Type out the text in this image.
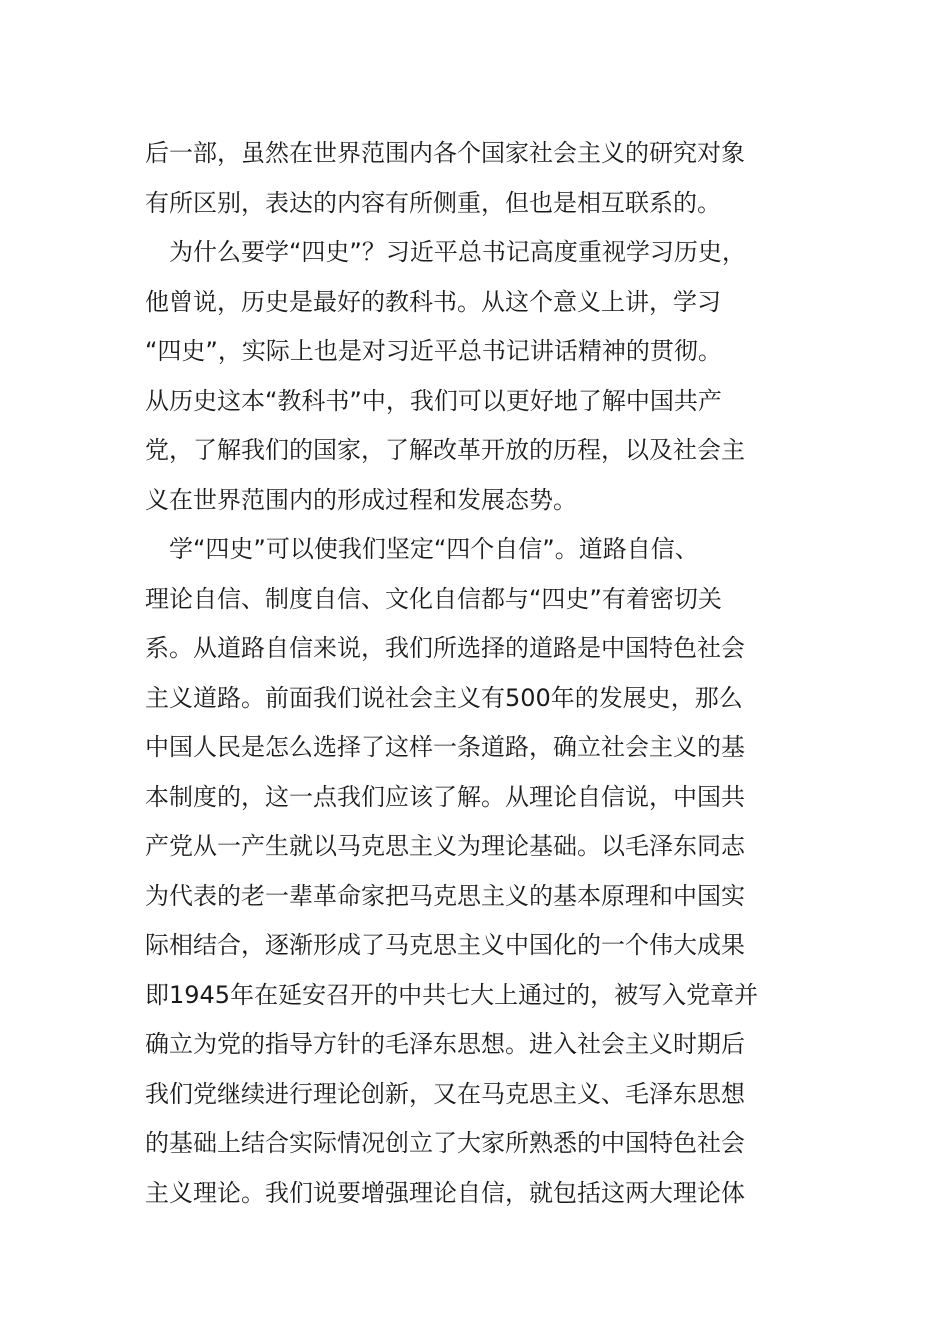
后一部，虽然在世界范围内各个国家社会主义的研究对象
有所区别，表达的内容有所侧重，但也是相互联系的。
　为什么要学“四史”？习近平总书记高度重视学习历史，
他曾说，历史是最好的教科书。从这个意义上讲，学习
“四史”，实际上也是对习近平总书记讲话精神的贯彻。
从历史这本“教科书”中，我们可以更好地了解中国共产
党，了解我们的国家，了解改革开放的历程，以及社会主
义在世界范围内的形成过程和发展态势。
　学“四史”可以使我们坚定“四个自信”。道路自信、
理论自信、制度自信、文化自信都与“四史”有着密切关
系。从道路自信来说，我们所选择的道路是中国特色社会
主义道路。前面我们说社会主义有500年的发展史，那么
中国人民是怎么选择了这样一条道路，确立社会主义的基
本制度的，这一点我们应该了解。从理论自信说，中国共
产党从一产生就以马克思主义为理论基础。以毛泽东同志
为代表的老一辈革命家把马克思主义的基本原理和中国实
际相结合，逐渐形成了马克思主义中国化的一个伟大成果
即1945年在延安召开的中共七大上通过的，被写入党章并
确立为党的指导方针的毛泽东思想。进入社会主义时期后
我们党继续进行理论创新，又在马克思主义、毛泽东思想
的基础上结合实际情况创立了大家所熟悉的中国特色社会
主义理论。我们说要增强理论自信，就包括这两大理论体
